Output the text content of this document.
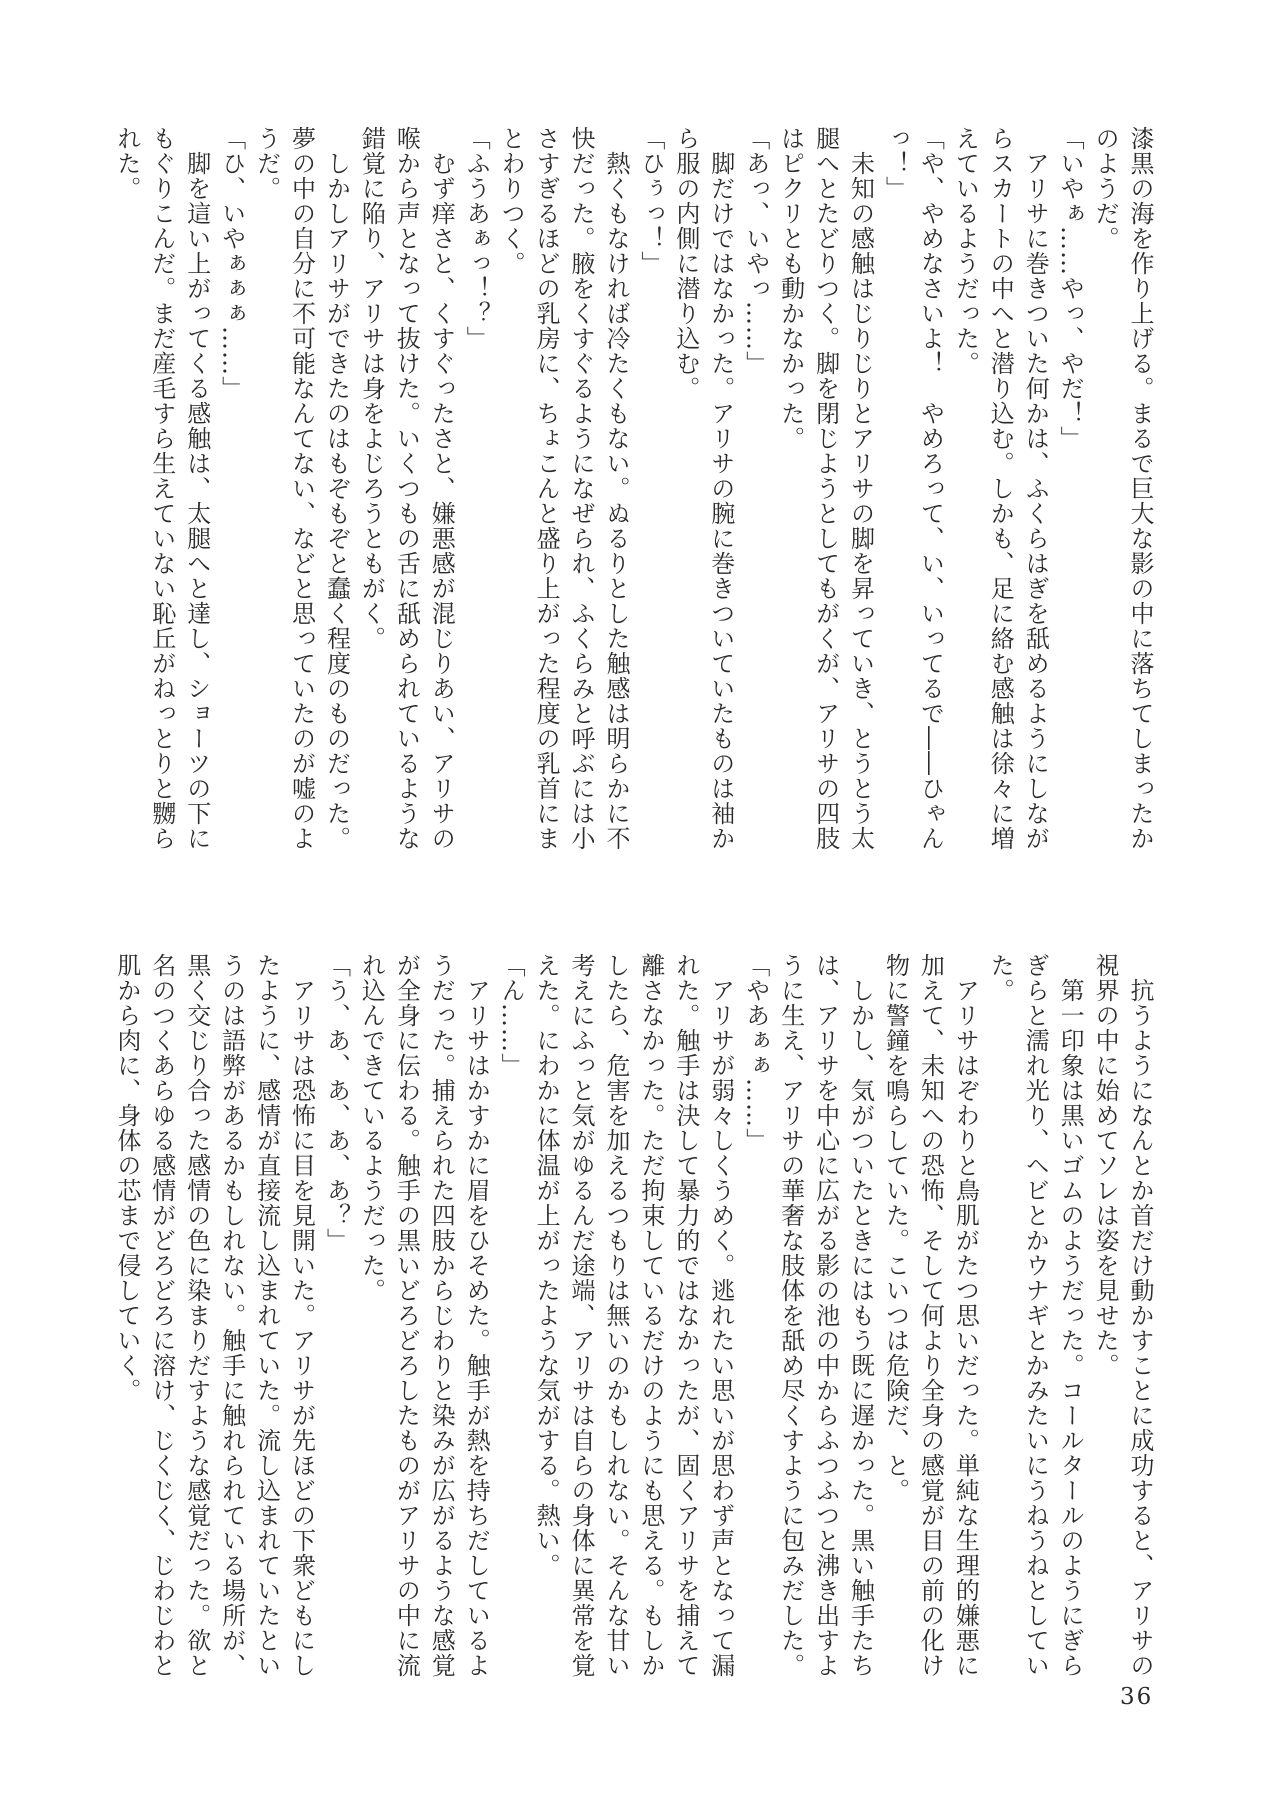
漆黒の海を作り上げる。まるで巨大な影の中に落ちてしまったか
のようだ。
「いやぁ……やっ、やだ！」
アリサに巻きついた何かは、ふくらはぎを舐めるようにしなが
らスカートの中へと潜り込む。しかも、足に絡む感触は徐々に増
えているようだった。
「や、やめなさいよ！　やめろって、い、いってるで――ひゃん
っ！」
未知の感触はじりじりとアリサの脚を昇っていき、とうとう太
腿へとたどりつく。脚を閉じようとしてもがくが、アリサの四肢
はピクリとも動かなかった。
「あっ、いやっ……」
脚だけではなかった。アリサの腕に巻きついていたものは袖か
ら服の内側に潜り込む。
「ひぅっ！」
熱くもなければ冷たくもない。ぬるりとした触感は明らかに不
快だった。腋をくすぐるようになぜられ、ふくらみと呼ぶには小
さすぎるほどの乳房に、ちょこんと盛り上がった程度の乳首にま
とわりつく。
「ふうあぁっ！？」
むず痒さと、くすぐったさと、嫌悪感が混じりあい、アリサの
喉から声となって抜けた。いくつもの舌に舐められているような
錯覚に陥り、アリサは身をよじろうともがく。
しかしアリサができたのはもぞもぞと蠢く程度のものだった。
夢の中の自分に不可能なんてない、などと思っていたのが嘘のよ
うだ。
「ひ、いやぁぁぁ……」
脚を這い上がってくる感触は、太腿へと達し、ショーツの下に
もぐりこんだ。まだ産毛すら生えていない恥丘がねっとりと嬲ら
れた。
抗うようになんとか首だけ動かすことに成功すると、アリサの
視界の中に始めてソレは姿を見せた。
第一印象は黒いゴムのようだった。コールタールのようにぎら
ぎらと濡れ光り、ヘビとかウナギとかみたいにうねうねとしてい
た。
アリサはぞわりと鳥肌がたつ思いだった。単純な生理的嫌悪に
加えて、未知への恐怖、そして何より全身の感覚が目の前の化け
物に警鐘を鳴らしていた。こいつは危険だ、と。
しかし、気がついたときにはもう既に遅かった。黒い触手たち
は、アリサを中心に広がる影の池の中からふつふつと沸き出すよ
うに生え、アリサの華奢な肢体を舐め尽くすように包みだした。
「やあぁぁ……」
アリサが弱々しくうめく。逃れたい思いが思わず声となって漏
れた。触手は決して暴力的ではなかったが、固くアリサを捕えて
離さなかった。ただ拘束しているだけのようにも思える。もしか
したら、危害を加えるつもりは無いのかもしれない。そんな甘い
考えにふっと気がゆるんだ途端、アリサは自らの身体に異常を覚
えた。にわかに体温が上がったような気がする。熱い。
「ん……」
アリサはかすかに眉をひそめた。触手が熱を持ちだしているよ
うだった。捕えられた四肢からじわりと染みが広がるような感覚
が全身に伝わる。触手の黒いどろどろしたものがアリサの中に流
れ込んできているようだった。
「う、あ、あ、あ、あ？」
アリサは恐怖に目を見開いた。アリサが先ほどの下衆どもにし
たように、感情が直接流し込まれていた。流し込まれていたとい
うのは語弊があるかもしれない。触手に触れられている場所が、
黒く交じり合った感情の色に染まりだすような感覚だった。欲と
名のつくあらゆる感情がどろどろに溶け、じくじく、じわじわと
肌から肉に、身体の芯まで侵していく。
36
